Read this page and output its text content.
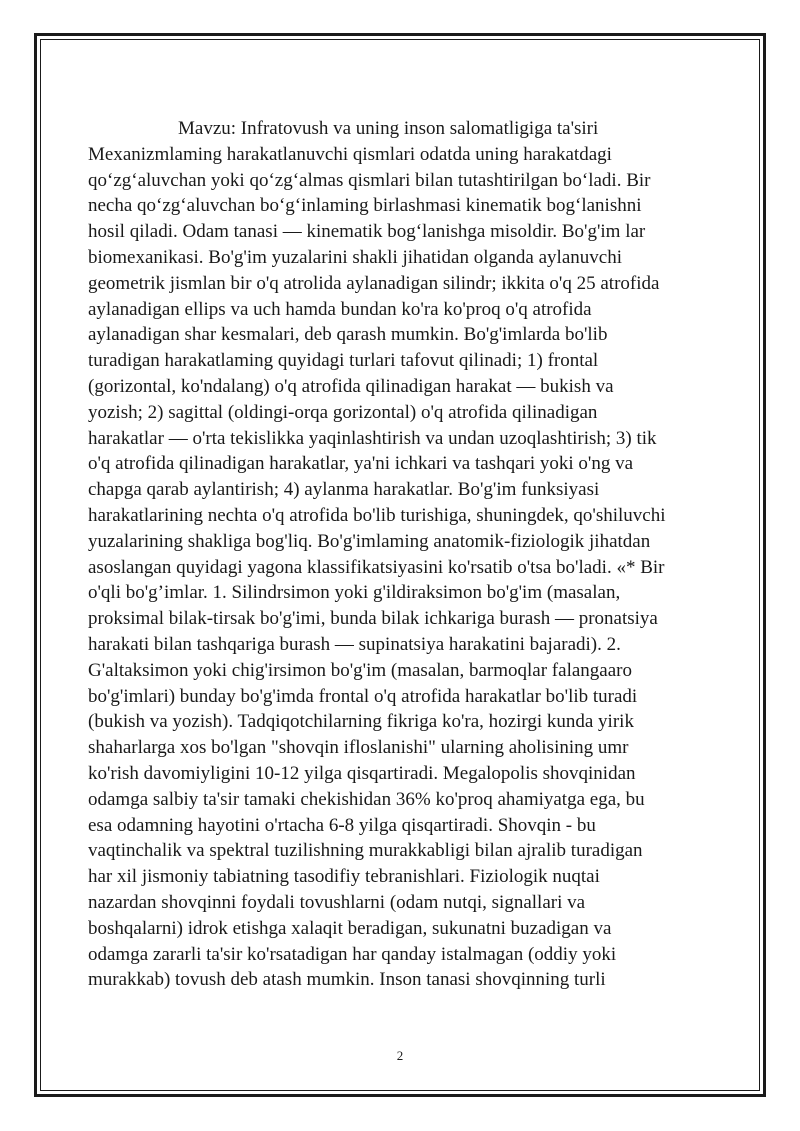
Mavzu: Infratovush va uning inson salomatligiga ta'siri

Mexanizmlaming harakatlanuvchi qismlari odatda uning harakatdagi

qo‘zg‘aluvchan yoki qo‘zg‘almas qismlari bilan tutashtirilgan bo‘ladi. Bir

necha qo‘zg‘aluvchan bo‘g‘inlaming birlashmasi kinematik bog‘lanishni

hosil qiladi. Odam tanasi — kinematik bog‘lanishga misoldir. Bo'g'im lar

biomexanikasi. Bo'g'im yuzalarini shakli jihatidan olganda aylanuvchi

geometrik jismlan bir o'q atrolida aylanadigan silindr; ikkita o'q 25 atrofida

aylanadigan ellips va uch hamda bundan ko'ra ko'proq o'q atrofida

aylanadigan shar kesmalari, deb qarash mumkin. Bo'g'imlarda bo'lib

turadigan harakatlaming quyidagi turlari tafovut qilinadi; 1) frontal

(gorizontal, ko'ndalang) o'q atrofida qilinadigan harakat — bukish va

yozish; 2) sagittal (oldingi-orqa gorizontal) o'q atrofida qilinadigan

harakatlar — o'rta tekislikka yaqinlashtirish va undan uzoqlashtirish; 3) tik

o'q atrofida qilinadigan harakatlar, ya'ni ichkari va tashqari yoki o'ng va

chapga qarab aylantirish; 4) aylanma harakatlar. Bo'g'im funksiyasi

harakatlarining nechta o'q atrofida bo'lib turishiga, shuningdek, qo'shiluvchi

yuzalarining shakliga bog'liq. Bo'g'imlaming anatomik-fiziologik jihatdan

asoslangan quyidagi yagona klassifikatsiyasini ko'rsatib o'tsa bo'ladi. «* Bir

o'qli bo'g’imlar. 1. Silindrsimon yoki g'ildiraksimon bo'g'im (masalan,

proksimal bilak-tirsak bo'g'imi, bunda bilak ichkariga burash — pronatsiya

harakati bilan tashqariga burash — supinatsiya harakatini bajaradi). 2.

G'altaksimon yoki chig'irsimon bo'g'im (masalan, barmoqlar falangaaro

bo'g'imlari) bunday bo'g'imda frontal o'q atrofida harakatlar bo'lib turadi

(bukish va yozish). Tadqiqotchilarning fikriga ko'ra, hozirgi kunda yirik

shaharlarga xos bo'lgan "shovqin ifloslanishi" ularning aholisining umr

ko'rish davomiyligini 10-12 yilga qisqartiradi. Megalopolis shovqinidan

odamga salbiy ta'sir tamaki chekishidan 36% ko'proq ahamiyatga ega, bu

esa odamning hayotini o'rtacha 6-8 yilga qisqartiradi. Shovqin - bu

vaqtinchalik va spektral tuzilishning murakkabligi bilan ajralib turadigan

har xil jismoniy tabiatning tasodifiy tebranishlari. Fiziologik nuqtai

nazardan shovqinni foydali tovushlarni (odam nutqi, signallari va

boshqalarni) idrok etishga xalaqit beradigan, sukunatni buzadigan va

odamga zararli ta'sir ko'rsatadigan har qanday istalmagan (oddiy yoki

murakkab) tovush deb atash mumkin. Inson tanasi shovqinning turli

2
